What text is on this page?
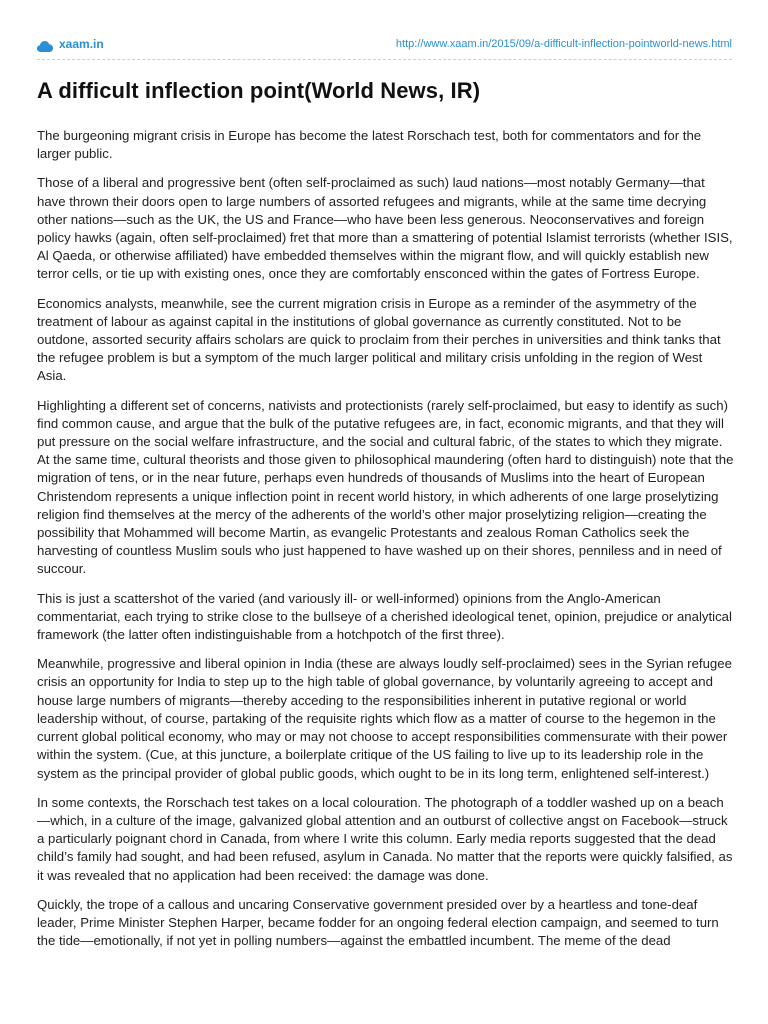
xaam.in	http://www.xaam.in/2015/09/a-difficult-inflection-pointworld-news.html
A difficult inflection point(World News, IR)

The burgeoning migrant crisis in Europe has become the latest Rorschach test, both for commentators and for the larger public.

Those of a liberal and progressive bent (often self-proclaimed as such) laud nations—most notably Germany—that have thrown their doors open to large numbers of assorted refugees and migrants, while at the same time decrying other nations—such as the UK, the US and France—who have been less generous. Neoconservatives and foreign policy hawks (again, often self-proclaimed) fret that more than a smattering of potential Islamist terrorists (whether ISIS, Al Qaeda, or otherwise affiliated) have embedded themselves within the migrant flow, and will quickly establish new terror cells, or tie up with existing ones, once they are comfortably ensconced within the gates of Fortress Europe.

Economics analysts, meanwhile, see the current migration crisis in Europe as a reminder of the asymmetry of the treatment of labour as against capital in the institutions of global governance as currently constituted. Not to be outdone, assorted security affairs scholars are quick to proclaim from their perches in universities and think tanks that the refugee problem is but a symptom of the much larger political and military crisis unfolding in the region of West Asia.

Highlighting a different set of concerns, nativists and protectionists (rarely self-proclaimed, but easy to identify as such) find common cause, and argue that the bulk of the putative refugees are, in fact, economic migrants, and that they will put pressure on the social welfare infrastructure, and the social and cultural fabric, of the states to which they migrate. At the same time, cultural theorists and those given to philosophical maundering (often hard to distinguish) note that the migration of tens, or in the near future, perhaps even hundreds of thousands of Muslims into the heart of European Christendom represents a unique inflection point in recent world history, in which adherents of one large proselytizing religion find themselves at the mercy of the adherents of the world’s other major proselytizing religion—creating the possibility that Mohammed will become Martin, as evangelic Protestants and zealous Roman Catholics seek the harvesting of countless Muslim souls who just happened to have washed up on their shores, penniless and in need of succour.

This is just a scattershot of the varied (and variously ill- or well-informed) opinions from the Anglo-American commentariat, each trying to strike close to the bullseye of a cherished ideological tenet, opinion, prejudice or analytical framework (the latter often indistinguishable from a hotchpotch of the first three).

Meanwhile, progressive and liberal opinion in India (these are always loudly self-proclaimed) sees in the Syrian refugee crisis an opportunity for India to step up to the high table of global governance, by voluntarily agreeing to accept and house large numbers of migrants—thereby acceding to the responsibilities inherent in putative regional or world leadership without, of course, partaking of the requisite rights which flow as a matter of course to the hegemon in the current global political economy, who may or may not choose to accept responsibilities commensurate with their power within the system. (Cue, at this juncture, a boilerplate critique of the US failing to live up to its leadership role in the system as the principal provider of global public goods, which ought to be in its long term, enlightened self-interest.)

In some contexts, the Rorschach test takes on a local colouration. The photograph of a toddler washed up on a beach —which, in a culture of the image, galvanized global attention and an outburst of collective angst on Facebook—struck a particularly poignant chord in Canada, from where I write this column. Early media reports suggested that the dead child’s family had sought, and had been refused, asylum in Canada. No matter that the reports were quickly falsified, as it was revealed that no application had been received: the damage was done.

Quickly, the trope of a callous and uncaring Conservative government presided over by a heartless and tone-deaf leader, Prime Minister Stephen Harper, became fodder for an ongoing federal election campaign, and seemed to turn the tide—emotionally, if not yet in polling numbers—against the embattled incumbent. The meme of the dead
